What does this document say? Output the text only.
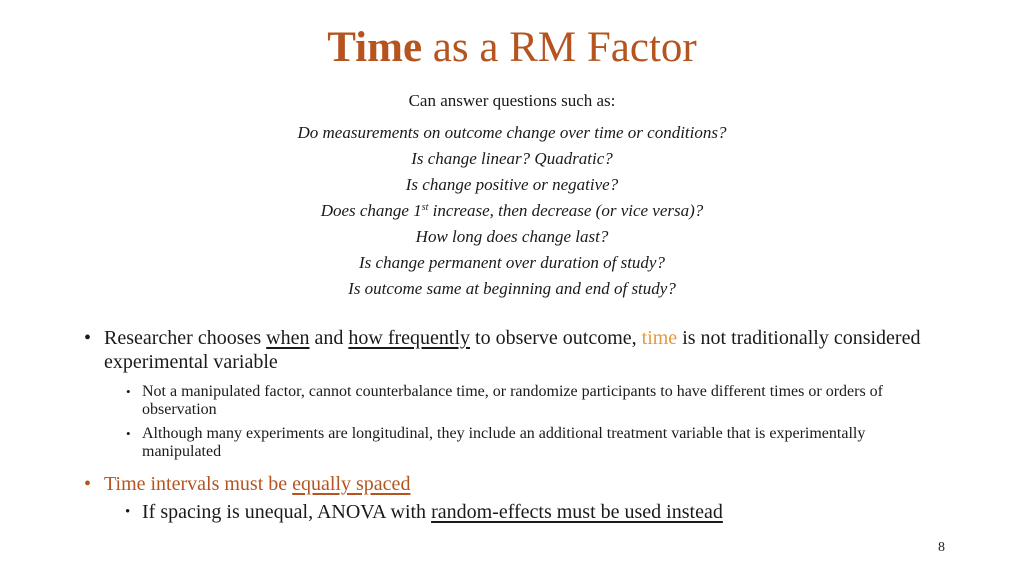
Time as a RM Factor
Can answer questions such as:
Do measurements on outcome change over time or conditions?
Is change linear? Quadratic?
Is change positive or negative?
Does change 1st increase, then decrease (or vice versa)?
How long does change last?
Is change permanent over duration of study?
Is outcome same at beginning and end of study?
• Researcher chooses when and how frequently to observe outcome, time is not traditionally considered experimental variable
• Not a manipulated factor, cannot counterbalance time, or randomize participants to have different times or orders of observation
• Although many experiments are longitudinal, they include an additional treatment variable that is experimentally manipulated
• Time intervals must be equally spaced
• If spacing is unequal, ANOVA with random-effects must be used instead
8
